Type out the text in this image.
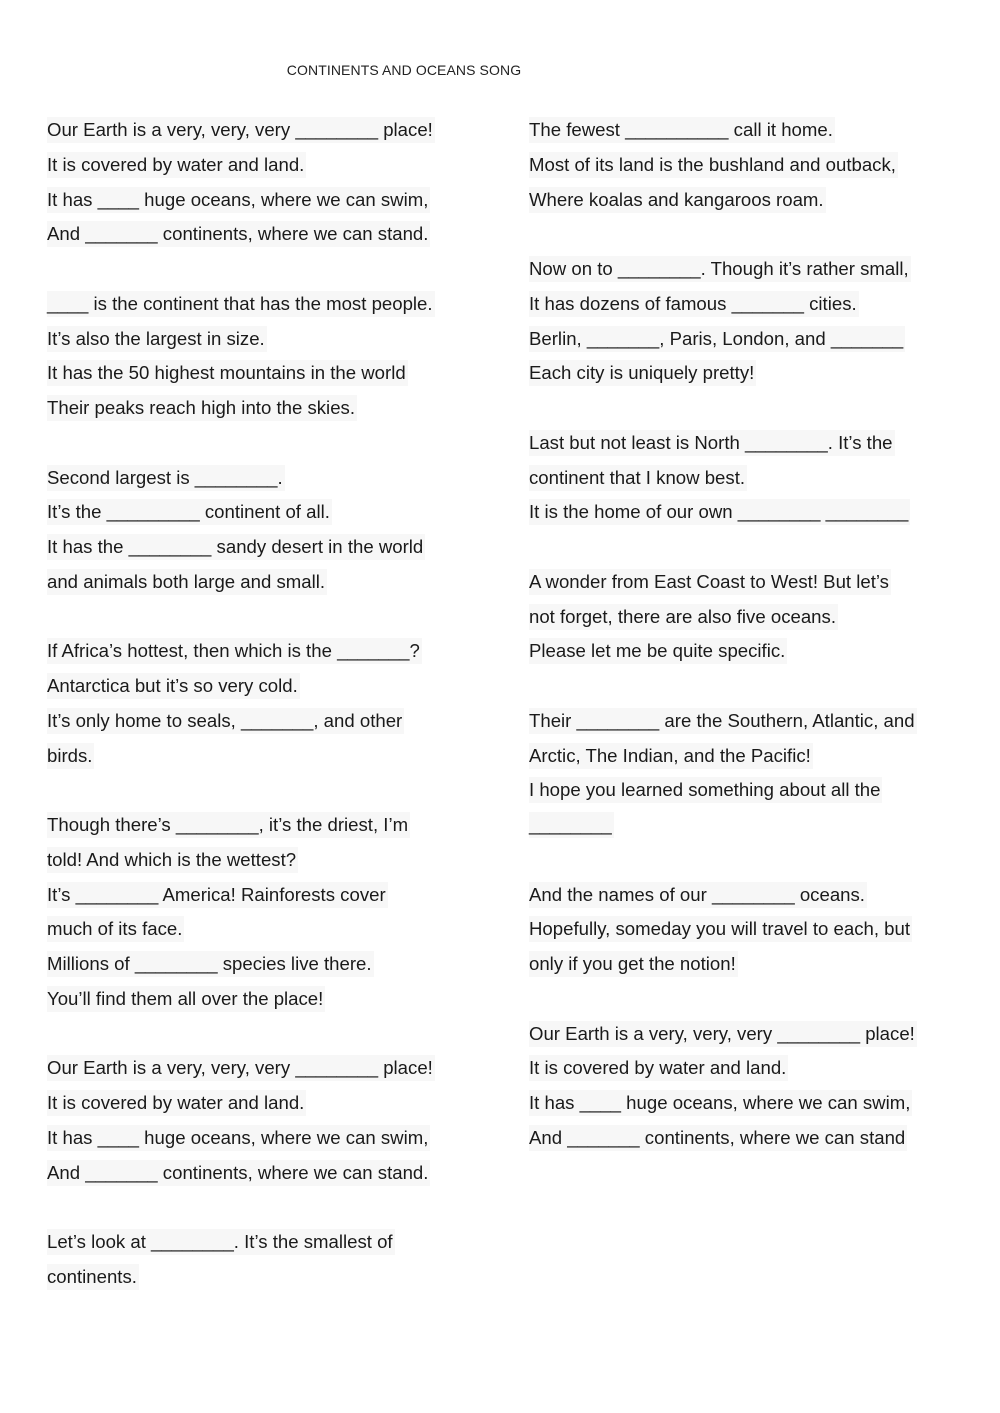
CONTINENTS AND OCEANS SONG
Our Earth is a very, very, very ________ place!
It is covered by water and land.
It has ____ huge oceans, where we can swim,
And _______ continents, where we can stand.
____ is the continent that has the most people.
It’s also the largest in size.
It has the 50 highest mountains in the world
Their peaks reach high into the skies.
Second largest is ________.
It’s the _________ continent of all.
It has the ________ sandy desert in the world
and animals both large and small.
If Africa’s hottest, then which is the _______?
Antarctica but it’s so very cold.
It’s only home to seals, _______, and other
birds.
Though there’s ________, it’s the driest, I’m
told! And which is the wettest?
It’s ________ America! Rainforests cover
much of its face.
Millions of ________ species live there.
You’ll find them all over the place!
Our Earth is a very, very, very ________ place!
It is covered by water and land.
It has ____ huge oceans, where we can swim,
And _______ continents, where we can stand.
Let’s look at ________. It’s the smallest of
continents.
The fewest __________ call it home.
Most of its land is the bushland and outback,
Where koalas and kangaroos roam.
Now on to ________. Though it’s rather small,
It has dozens of famous _______ cities.
Berlin, _______, Paris, London, and _______
Each city is uniquely pretty!
Last but not least is North ________. It’s the
continent that I know best.
It is the home of our own ________ ________
A wonder from East Coast to West! But let’s
not forget, there are also five oceans.
Please let me be quite specific.
Their ________ are the Southern, Atlantic, and
Arctic, The Indian, and the Pacific!
I hope you learned something about all the
________
And the names of our ________ oceans.
Hopefully, someday you will travel to each, but
only if you get the notion!
Our Earth is a very, very, very ________ place!
It is covered by water and land.
It has ____ huge oceans, where we can swim,
And _______ continents, where we can stand
